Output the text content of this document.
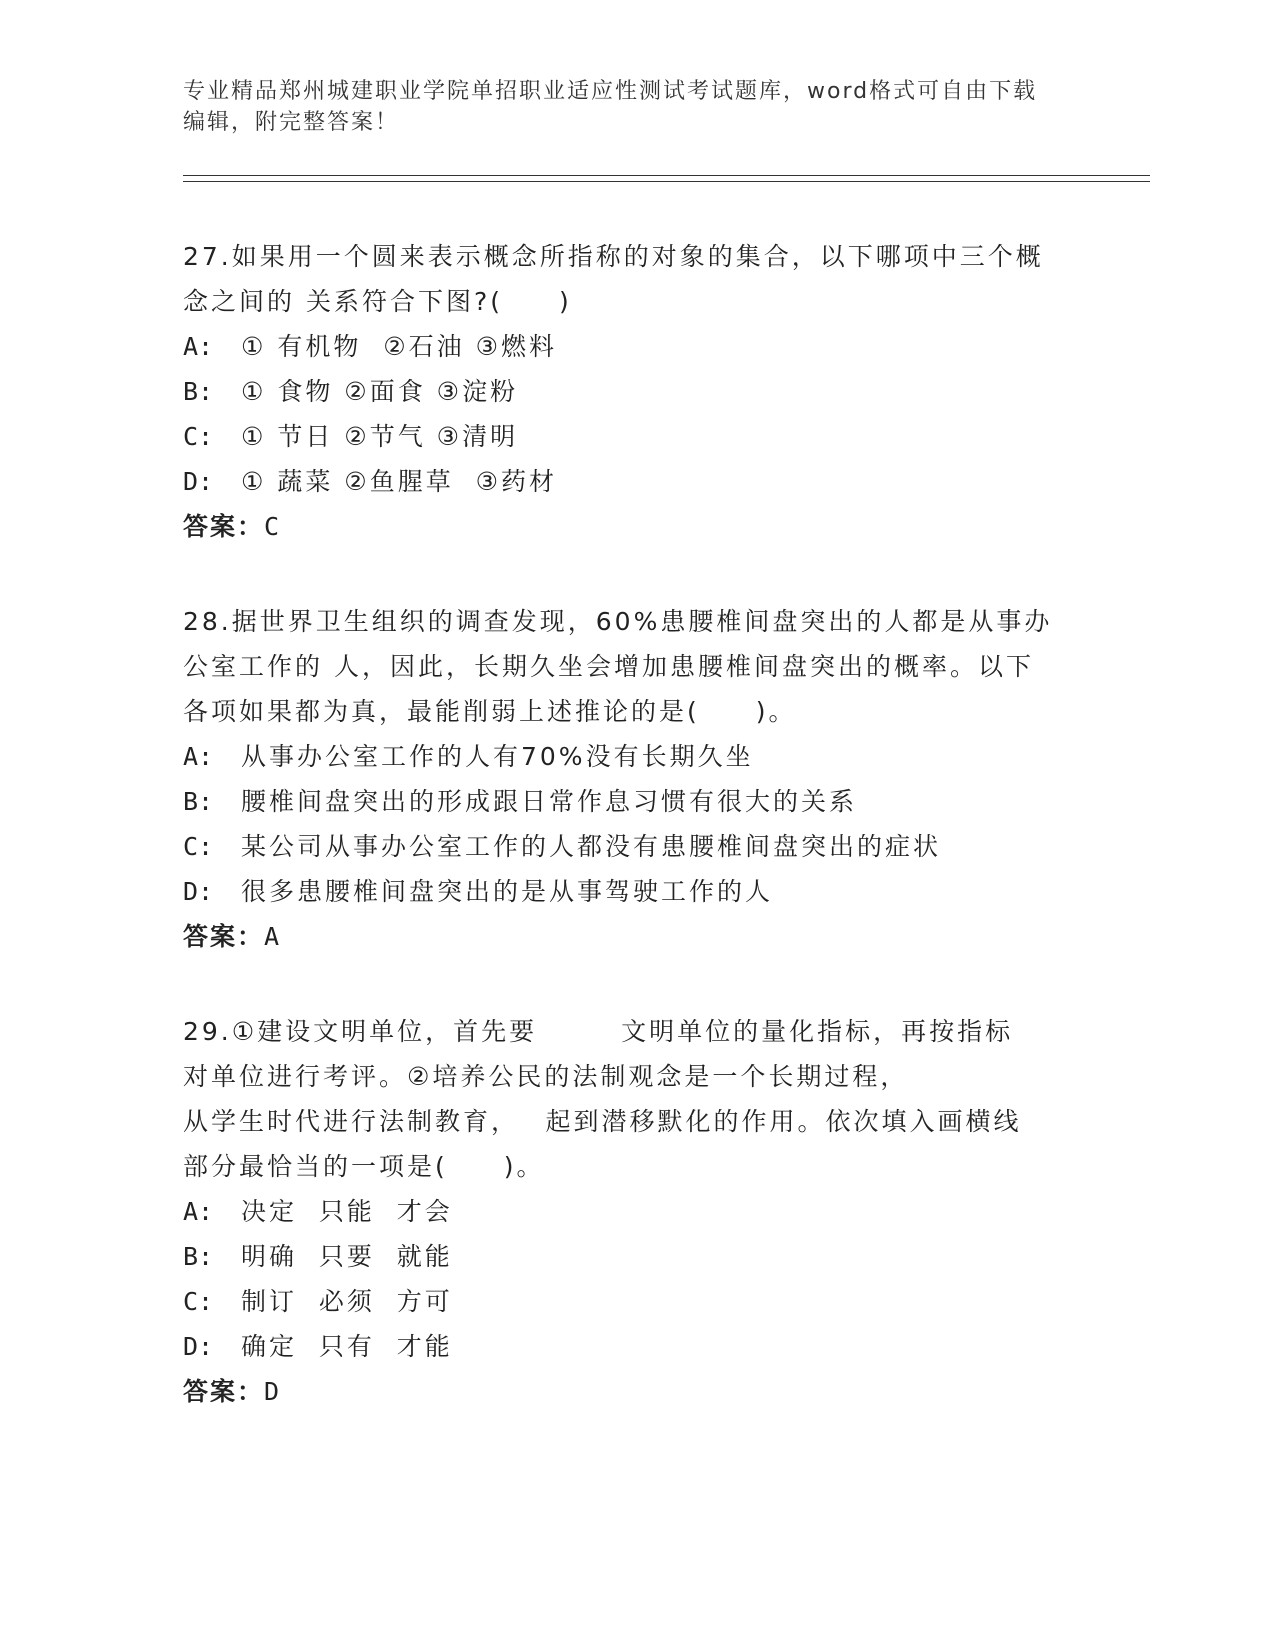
专业精品郑州城建职业学院单招职业适应性测试考试题库，word格式可自由下载
编辑，附完整答案！
27.如果用一个圆来表示概念所指称的对象的集合，以下哪项中三个概
念之间的 关系符合下图?(　　)
A: ① 有机物  ②石油 ③燃料
B: ① 食物 ②面食 ③淀粉
C: ① 节日 ②节气 ③清明
D: ① 蔬菜 ②鱼腥草  ③药材
答案：C
28.据世界卫生组织的调查发现，60%患腰椎间盘突出的人都是从事办
公室工作的 人，因此，长期久坐会增加患腰椎间盘突出的概率。以下
各项如果都为真，最能削弱上述推论的是(　　)。
A: 从事办公室工作的人有70%没有长期久坐
B: 腰椎间盘突出的形成跟日常作息习惯有很大的关系
C: 某公司从事办公室工作的人都没有患腰椎间盘突出的症状
D: 很多患腰椎间盘突出的是从事驾驶工作的人
答案：A
29.①建设文明单位，首先要　　　文明单位的量化指标，再按指标
对单位进行考评。②培养公民的法制观念是一个长期过程，
从学生时代进行法制教育，　 起到潜移默化的作用。依次填入画横线
部分最恰当的一项是(　　)。
A: 决定  只能  才会
B: 明确  只要  就能
C: 制订  必须  方可
D: 确定  只有  才能
答案：D
